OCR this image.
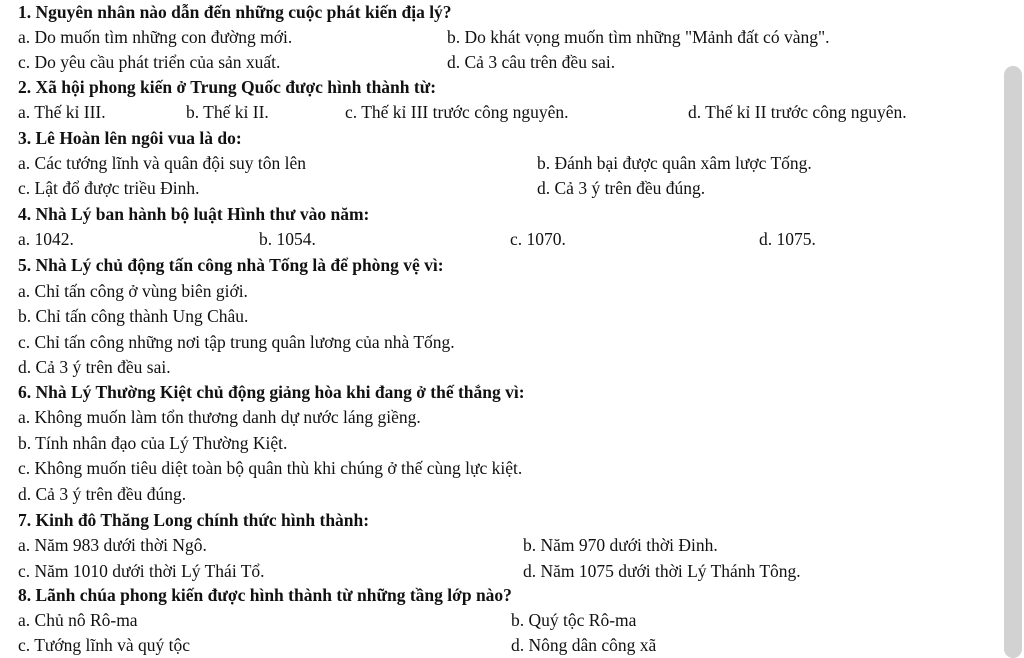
1. Nguyên nhân nào dẫn đến những cuộc phát kiến địa lý?
a. Do muốn tìm những con đường mới.	b. Do khát vọng muốn tìm những "Mảnh đất có vàng".
c. Do yêu cầu phát triển của sản xuất.	d. Cả 3 câu trên đều sai.
2. Xã hội phong kiến ở Trung Quốc được hình thành từ:
a. Thế kỉ III.	b. Thế kỉ II.	c. Thế kỉ III trước công nguyên.	d. Thế kỉ II trước công nguyên.
3. Lê Hoàn lên ngôi vua là do:
a. Các tướng lĩnh và quân đội suy tôn lên	b. Đánh bại được quân xâm lược Tống.
c. Lật đổ được triều Đinh.	d. Cả 3 ý trên đều đúng.
4. Nhà Lý ban hành bộ luật Hình thư vào năm:
a. 1042.	b. 1054.	c. 1070.	d. 1075.
5. Nhà Lý chủ động tấn công nhà Tống là để phòng vệ vì:
a. Chỉ tấn công ở vùng biên giới.
b. Chỉ tấn công thành Ung Châu.
c. Chỉ tấn công những nơi tập trung quân lương của nhà Tống.
d. Cả 3 ý trên đều sai.
6. Nhà Lý Thường Kiệt chủ động giảng hòa khi đang ở thế thắng vì:
a. Không muốn làm tổn thương danh dự nước láng giềng.
b. Tính nhân đạo của Lý Thường Kiệt.
c. Không muốn tiêu diệt toàn bộ quân thù khi chúng ở thế cùng lực kiệt.
d. Cả 3 ý trên đều đúng.
7. Kinh đô Thăng Long chính thức hình thành:
a. Năm 983 dưới thời Ngô.	b. Năm 970 dưới thời Đinh.
c. Năm 1010 dưới thời Lý Thái Tổ.	d. Năm 1075 dưới thời Lý Thánh Tông.
8. Lãnh chúa phong kiến được hình thành từ những tầng lớp nào?
a. Chủ nô Rô-ma	b. Quý tộc Rô-ma
c. Tướng lĩnh và quý tộc	d. Nông dân công xã
